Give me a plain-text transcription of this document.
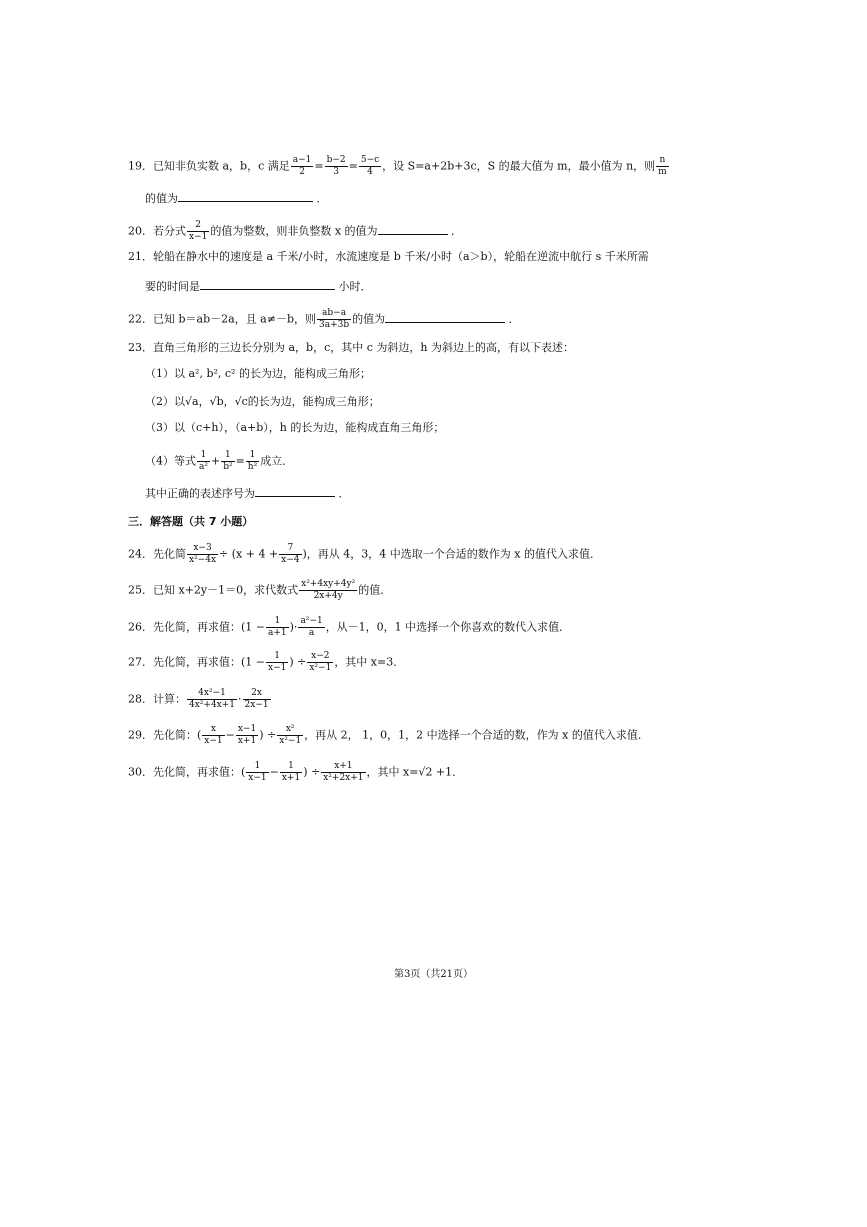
19．已知非负实数 a，b，c 满足 $\frac{a-1}{2} = \frac{b-2}{3} = \frac{5-c}{4}$ ，设 S=a+2b+3c，S 的最大值为 m，最小值为 n，则 $\frac{n}{m}$
的值为	．
20．若分式 $\frac{2}{x-1}$ 的值为整数，则非负整数 x 的值为	．
21．轮船在静水中的速度是 a 千米/小时，水流速度是 b 千米/小时（a＞b），轮船在逆流中航行 s 千米所需
要的时间是	小时．
22．已知 b＝ab－2a，且 a≠－b，则 $\frac{ab-a}{3a+3b}$ 的值为	．
23．直角三角形的三边长分别为 a，b，c，其中 c 为斜边，h 为斜边上的高，有以下表述：
（1）以 a², b², c² 的长为边，能构成三角形；
（2）以√a，√b，√c的长为边，能构成三角形；
（3）以（c+h），（a+b），h 的长为边，能构成直角三角形；
（4）等式 $\frac{1}{\text{a²}} + \frac{1}{\text{b²}} = \frac{1}{\text{h²}}$ 成立．
其中正确的表述序号为	．
三．解答题（共 7 小题）
24．先化简 $\frac{x-3}{\text{x²−4x}} \div (x + 4 + \frac{7}{x-4}$ )，再从 4，3，4 中选取一个合适的数作为 x 的值代入求值．
25．已知 x+2y－1＝0，求代数式 $\frac{\text{x²+4xy+4y²}}{2x+4y}$ 的值．
26．先化简，再求值：($1 - \frac{1}{a+1}$ )· $\frac{\text{a²−1}}{a}$ ，从－1，0，1 中选择一个你喜欢的数代入求值．
27．先化简，再求值：($1 - \frac{1}{x-1}$ ) ÷ $\frac{x-2}{\text{x²−1}}$ ，其中 x=3．
28．计算： $\frac{\text{4x²−1}}{\text{4x²+4x+1}} \cdot \frac{2x}{2x-1}$
29．先化简：( $\frac{x}{x-1} - \frac{x-1}{x+1}$ ) ÷ $\frac{\text{x²}}{\text{x²−1}}$ ，再从 2， 1，0，1，2 中选择一个合适的数，作为 x 的值代入求值．
30．先化简，再求值：( $\frac{1}{x-1} - \frac{1}{x+1}$ ) ÷ $\frac{x+1}{\text{x²+2x+1}}$ ，其中 x=√2 +1．
第3页（共21页）
